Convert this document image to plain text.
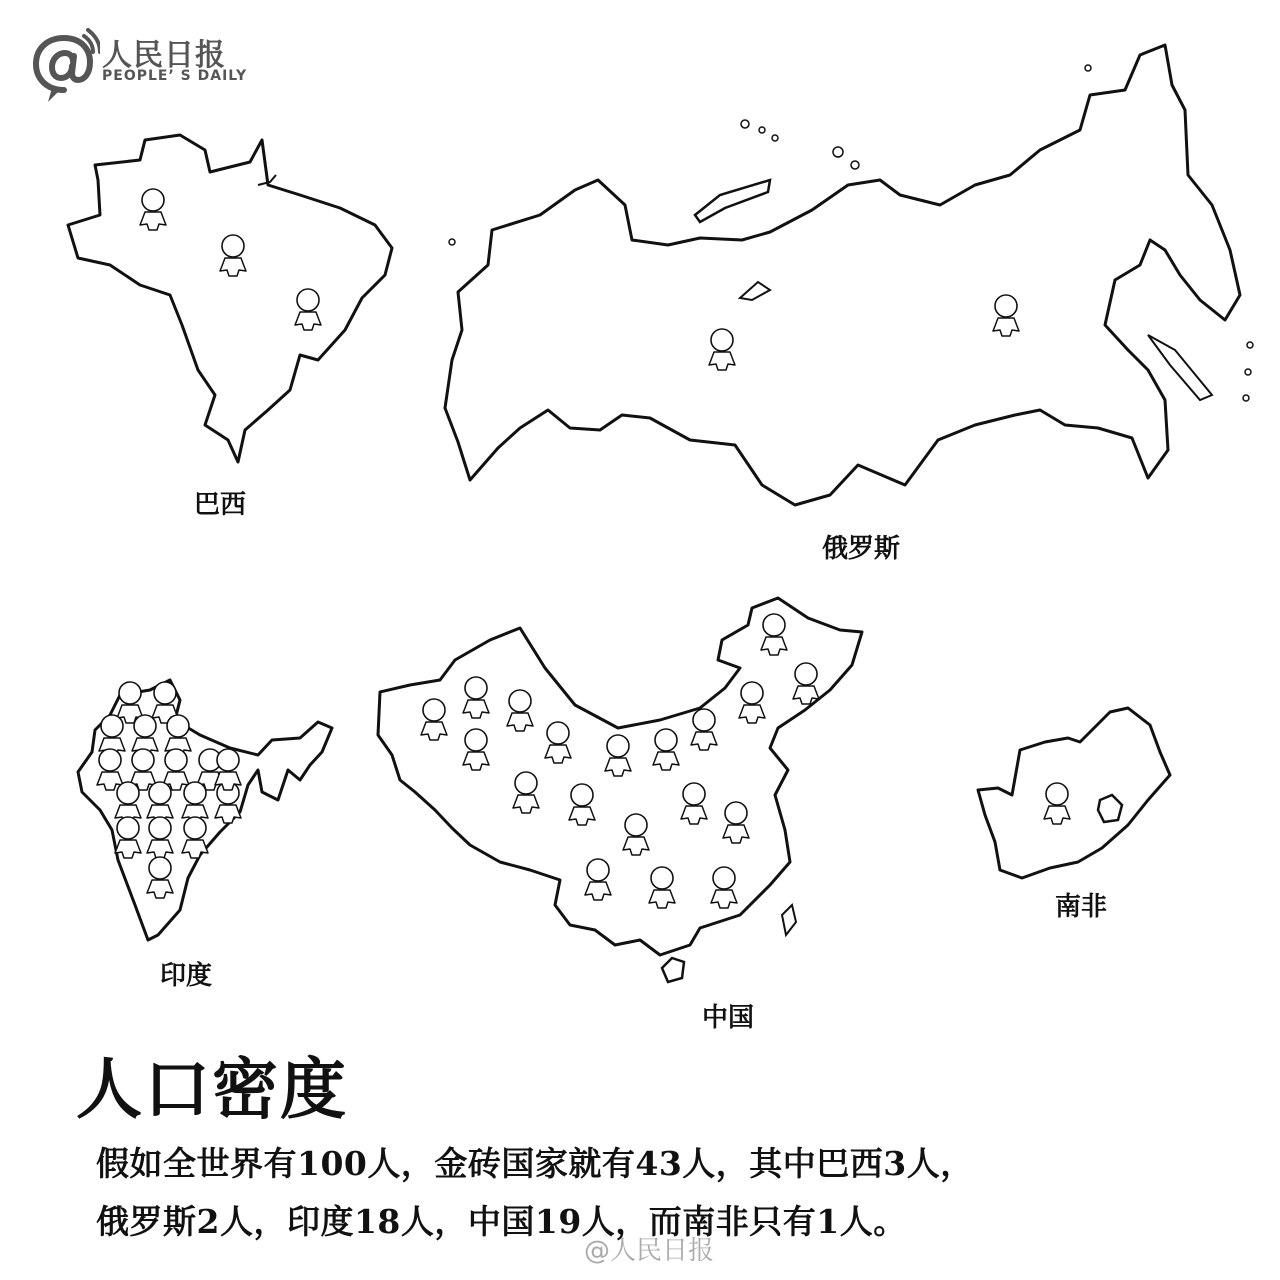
人民日报
PEOPLE’ S DAILY
巴西
俄罗斯
印度
中国
南非
人口密度
假如全世界有100人，金砖国家就有43人，其中巴西3人，
俄罗斯2人，印度18人，中国19人，而南非只有1人。
@人民日报
